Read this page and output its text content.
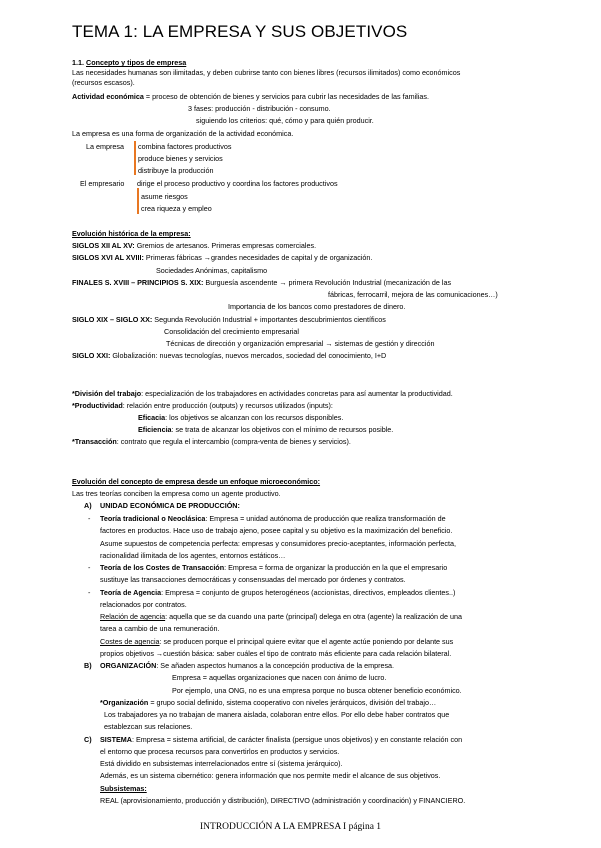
TEMA 1: LA EMPRESA Y SUS OBJETIVOS
1.1. Concepto y tipos de empresa
Las necesidades humanas son ilimitadas, y deben cubrirse tanto con bienes libres (recursos ilimitados) como económicos
(recursos escasos).
Actividad económica = proceso de obtención de bienes y servicios para cubrir las necesidades de las familias.
3 fases: producción - distribución - consumo.
siguiendo los criterios: qué, cómo y para quién producir.
La empresa es una forma de organización de la actividad económica.
La empresa combina factores productivos
produce bienes y servicios
distribuye la producción
El empresario dirige el proceso productivo y coordina los factores productivos
asume riesgos
crea riqueza y empleo
Evolución histórica de la empresa:
SIGLOS XII AL XV: Gremios de artesanos. Primeras empresas comerciales.
SIGLOS XVI AL XVIII: Primeras fábricas →grandes necesidades de capital y de organización.
Sociedades Anónimas, capitalismo
FINALES S. XVIII – PRINCIPIOS S. XIX: Burguesía ascendente → primera Revolución Industrial (mecanización de las
fábricas, ferrocarril, mejora de las comunicaciones…)
Importancia de los bancos como prestadores de dinero.
SIGLO XIX – SIGLO XX: Segunda Revolución Industrial + importantes descubrimientos científicos
Consolidación del crecimiento empresarial
Técnicas de dirección y organización empresarial → sistemas de gestión y dirección
SIGLO XXI: Globalización: nuevas tecnologías, nuevos mercados, sociedad del conocimiento, I+D
*División del trabajo: especialización de los trabajadores en actividades concretas para así aumentar la productividad.
*Productividad: relación entre producción (outputs) y recursos utilizados (inputs):
Eficacia: los objetivos se alcanzan con los recursos disponibles.
Eficiencia: se trata de alcanzar los objetivos con el mínimo de recursos posible.
*Transacción: contrato que regula el intercambio (compra-venta de bienes y servicios).
Evolución del concepto de empresa desde un enfoque microeconómico:
Las tres teorías conciben la empresa como un agente productivo.
A) UNIDAD ECONÓMICA DE PRODUCCIÓN:
- Teoría tradicional o Neoclásica: Empresa = unidad autónoma de producción que realiza transformación de
factores en productos. Hace uso de trabajo ajeno, posee capital y su objetivo es la maximización del beneficio.
Asume supuestos de competencia perfecta: empresas y consumidores precio-aceptantes, información perfecta,
racionalidad ilimitada de los agentes, entornos estáticos…
- Teoría de los Costes de Transacción: Empresa = forma de organizar la producción en la que el empresario
sustituye las transacciones democráticas y consensuadas del mercado por órdenes y contratos.
- Teoría de Agencia: Empresa = conjunto de grupos heterogéneos (accionistas, directivos, empleados clientes..)
relacionados por contratos.
Relación de agencia: aquella que se da cuando una parte (principal) delega en otra (agente) la realización de una
tarea a cambio de una remuneración.
Costes de agencia: se producen porque el principal quiere evitar que el agente actúe poniendo por delante sus
propios objetivos →cuestión básica: saber cuáles el tipo de contrato más eficiente para cada relación bilateral.
B) ORGANIZACIÓN: Se añaden aspectos humanos a la concepción productiva de la empresa.
Empresa = aquellas organizaciones que nacen con ánimo de lucro.
Por ejemplo, una ONG, no es una empresa porque no busca obtener beneficio económico.
*Organización = grupo social definido, sistema cooperativo con niveles jerárquicos, división del trabajo…
Los trabajadores ya no trabajan de manera aislada, colaboran entre ellos. Por ello debe haber contratos que
establezcan sus relaciones.
C) SISTEMA: Empresa = sistema artificial, de carácter finalista (persigue unos objetivos) y en constante relación con
el entorno que procesa recursos para convertirlos en productos y servicios.
Está dividido en subsistemas interrelacionados entre sí (sistema jerárquico).
Además, es un sistema cibernético: genera información que nos permite medir el alcance de sus objetivos.
Subsistemas:
REAL (aprovisionamiento, producción y distribución), DIRECTIVO (administración y coordinación) y FINANCIERO.
INTRODUCCIÓN A LA EMPRESA I página 1
